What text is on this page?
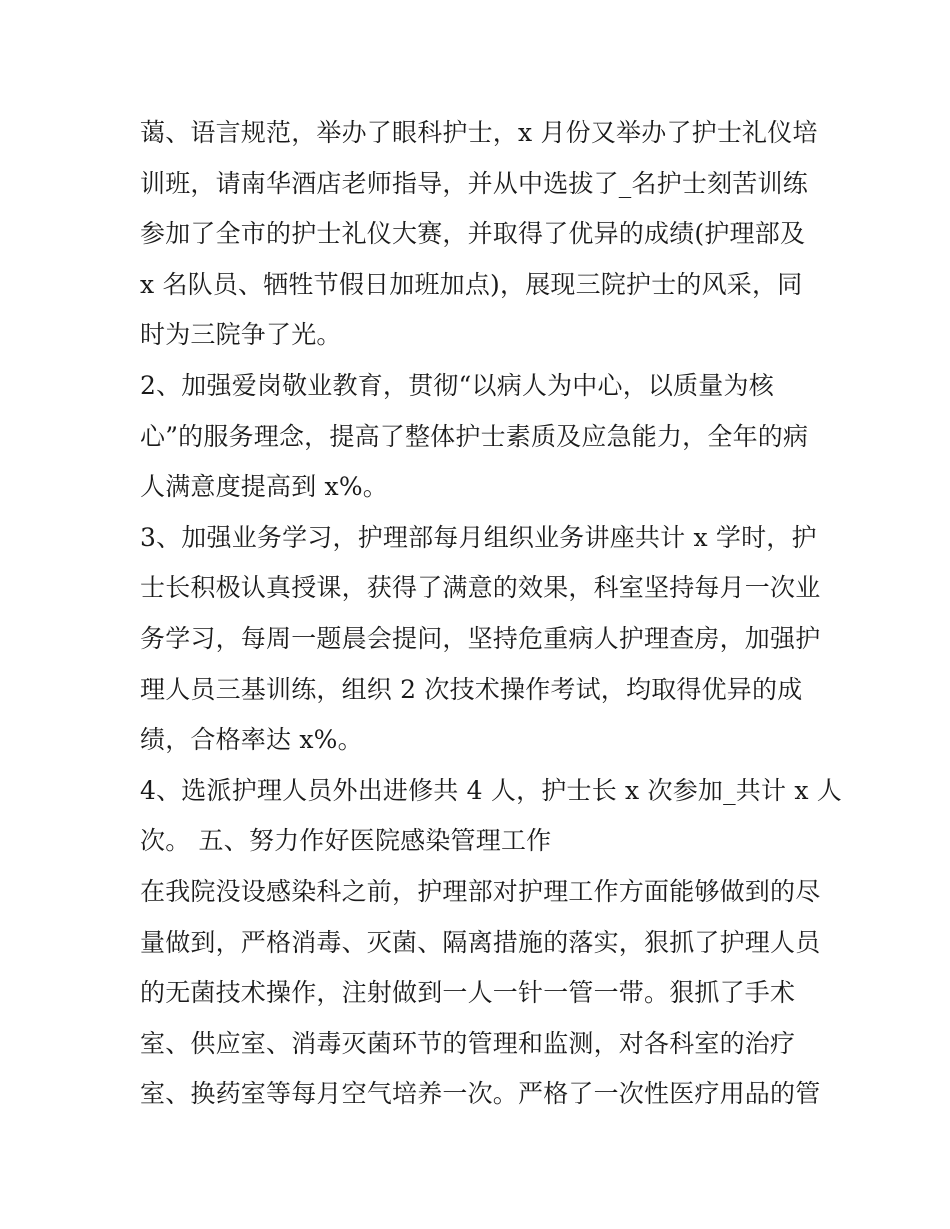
蔼、语言规范，举办了眼科护士，x 月份又举办了护士礼仪培
训班，请南华酒店老师指导，并从中选拔了_名护士刻苦训练
参加了全市的护士礼仪大赛，并取得了优异的成绩(护理部及
x 名队员、牺牲节假日加班加点)，展现三院护士的风采，同
时为三院争了光。
2、加强爱岗敬业教育，贯彻“以病人为中心，以质量为核
心”的服务理念，提高了整体护士素质及应急能力，全年的病
人满意度提高到 x%。
3、加强业务学习，护理部每月组织业务讲座共计 x 学时，护
士长积极认真授课，获得了满意的效果，科室坚持每月一次业
务学习，每周一题晨会提问，坚持危重病人护理查房，加强护
理人员三基训练，组织 2 次技术操作考试，均取得优异的成
绩，合格率达 x%。
4、选派护理人员外出进修共 4 人，护士长 x 次参加_共计 x 人
次。 五、努力作好医院感染管理工作
在我院没设感染科之前，护理部对护理工作方面能够做到的尽
量做到，严格消毒、灭菌、隔离措施的落实，狠抓了护理人员
的无菌技术操作，注射做到一人一针一管一带。狠抓了手术
室、供应室、消毒灭菌环节的管理和监测，对各科室的治疗
室、换药室等每月空气培养一次。严格了一次性医疗用品的管
